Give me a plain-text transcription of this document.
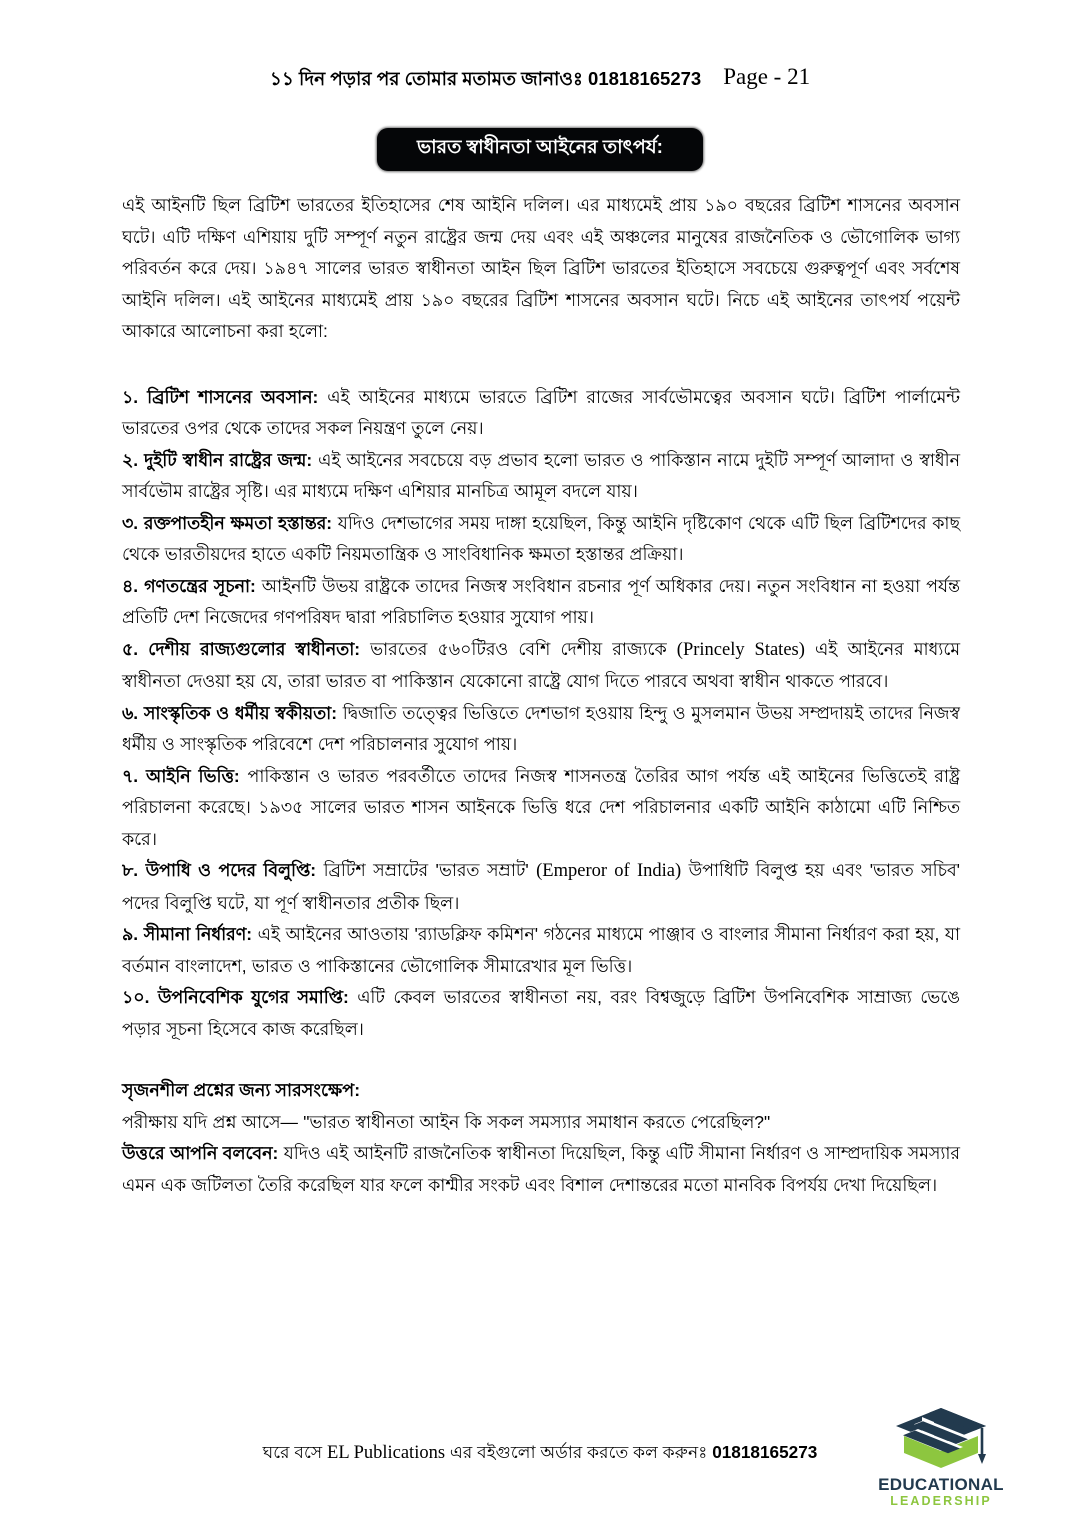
১১ দিন পড়ার পর তোমার মতামত জানাওঃ 01818165273 Page - 21
ভারত স্বাধীনতা আইনের তাৎপর্য:

এই আইনটি ছিল ব্রিটিশ ভারতের ইতিহাসের শেষ আইনি দলিল। এর মাধ্যমেই প্রায় ১৯০ বছরের ব্রিটিশ শাসনের অবসান ঘটে। এটি দক্ষিণ এশিয়ায় দুটি সম্পূর্ণ নতুন রাষ্ট্রের জন্ম দেয় এবং এই অঞ্চলের মানুষের রাজনৈতিক ও ভৌগোলিক ভাগ্য পরিবর্তন করে দেয়। ১৯৪৭ সালের ভারত স্বাধীনতা আইন ছিল ব্রিটিশ ভারতের ইতিহাসে সবচেয়ে গুরুত্বপূর্ণ এবং সর্বশেষ আইনি দলিল। এই আইনের মাধ্যমেই প্রায় ১৯০ বছরের ব্রিটিশ শাসনের অবসান ঘটে। নিচে এই আইনের তাৎপর্য পয়েন্ট আকারে আলোচনা করা হলো:

১. ব্রিটিশ শাসনের অবসান: এই আইনের মাধ্যমে ভারতে ব্রিটিশ রাজের সার্বভৌমত্বের অবসান ঘটে। ব্রিটিশ পার্লামেন্ট ভারতের ওপর থেকে তাদের সকল নিয়ন্ত্রণ তুলে নেয়।

২. দুইটি স্বাধীন রাষ্ট্রের জন্ম: এই আইনের সবচেয়ে বড় প্রভাব হলো ভারত ও পাকিস্তান নামে দুইটি সম্পূর্ণ আলাদা ও স্বাধীন সার্বভৌম রাষ্ট্রের সৃষ্টি। এর মাধ্যমে দক্ষিণ এশিয়ার মানচিত্র আমূল বদলে যায়।

৩. রক্তপাতহীন ক্ষমতা হস্তান্তর: যদিও দেশভাগের সময় দাঙ্গা হয়েছিল, কিন্তু আইনি দৃষ্টিকোণ থেকে এটি ছিল ব্রিটিশদের কাছ থেকে ভারতীয়দের হাতে একটি নিয়মতান্ত্রিক ও সাংবিধানিক ক্ষমতা হস্তান্তর প্রক্রিয়া।

৪. গণতন্ত্রের সূচনা: আইনটি উভয় রাষ্ট্রকে তাদের নিজস্ব সংবিধান রচনার পূর্ণ অধিকার দেয়। নতুন সংবিধান না হওয়া পর্যন্ত প্রতিটি দেশ নিজেদের গণপরিষদ দ্বারা পরিচালিত হওয়ার সুযোগ পায়।

৫. দেশীয় রাজ্যগুলোর স্বাধীনতা: ভারতের ৫৬০টিরও বেশি দেশীয় রাজ্যকে (Princely States) এই আইনের মাধ্যমে স্বাধীনতা দেওয়া হয় যে, তারা ভারত বা পাকিস্তান যেকোনো রাষ্ট্রে যোগ দিতে পারবে অথবা স্বাধীন থাকতে পারবে।

৬. সাংস্কৃতিক ও ধর্মীয় স্বকীয়তা: দ্বিজাতি তত্ত্বের ভিত্তিতে দেশভাগ হওয়ায় হিন্দু ও মুসলমান উভয় সম্প্রদায়ই তাদের নিজস্ব ধর্মীয় ও সাংস্কৃতিক পরিবেশে দেশ পরিচালনার সুযোগ পায়।

৭. আইনি ভিত্তি: পাকিস্তান ও ভারত পরবর্তীতে তাদের নিজস্ব শাসনতন্ত্র তৈরির আগ পর্যন্ত এই আইনের ভিত্তিতেই রাষ্ট্র পরিচালনা করেছে। ১৯৩৫ সালের ভারত শাসন আইনকে ভিত্তি ধরে দেশ পরিচালনার একটি আইনি কাঠামো এটি নিশ্চিত করে।

৮. উপাধি ও পদের বিলুপ্তি: ব্রিটিশ সম্রাটের 'ভারত সম্রাট' (Emperor of India) উপাধিটি বিলুপ্ত হয় এবং 'ভারত সচিব' পদের বিলুপ্তি ঘটে, যা পূর্ণ স্বাধীনতার প্রতীক ছিল।

৯. সীমানা নির্ধারণ: এই আইনের আওতায় 'র‍্যাডক্লিফ কমিশন' গঠনের মাধ্যমে পাঞ্জাব ও বাংলার সীমানা নির্ধারণ করা হয়, যা বর্তমান বাংলাদেশ, ভারত ও পাকিস্তানের ভৌগোলিক সীমারেখার মূল ভিত্তি।

১০. উপনিবেশিক যুগের সমাপ্তি: এটি কেবল ভারতের স্বাধীনতা নয়, বরং বিশ্বজুড়ে ব্রিটিশ উপনিবেশিক সাম্রাজ্য ভেঙে পড়ার সূচনা হিসেবে কাজ করেছিল।

সৃজনশীল প্রশ্নের জন্য সারসংক্ষেপ:

পরীক্ষায় যদি প্রশ্ন আসে— "ভারত স্বাধীনতা আইন কি সকল সমস্যার সমাধান করতে পেরেছিল?"

উত্তরে আপনি বলবেন: যদিও এই আইনটি রাজনৈতিক স্বাধীনতা দিয়েছিল, কিন্তু এটি সীমানা নির্ধারণ ও সাম্প্রদায়িক সমস্যার এমন এক জটিলতা তৈরি করেছিল যার ফলে কাশ্মীর সংকট এবং বিশাল দেশান্তরের মতো মানবিক বিপর্যয় দেখা দিয়েছিল।

ঘরে বসে EL Publications এর বইগুলো অর্ডার করতে কল করুনঃ 01818165273
EDUCATIONAL
LEADERSHIP
